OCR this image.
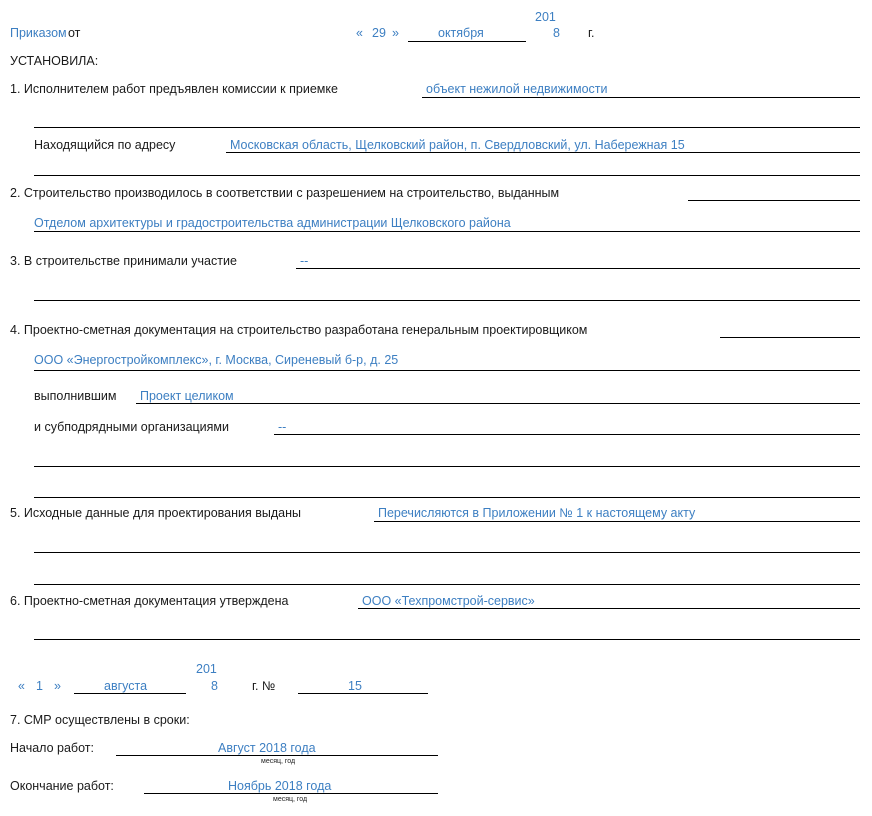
Приказом от	« 29 »	октября
201
8 г.
УСТАНОВИЛА:
1. Исполнителем работ предъявлен комиссии к приемке	объект нежилой недвижимости
Находящийся по адресу	Московская область, Щелковский район, п. Свердловский, ул. Набережная 15
2. Строительство производилось в соответствии с разрешением на строительство, выданным
Отделом архитектуры и градостроительства администрации Щелковского района
3. В строительстве принимали участие	--
4. Проектно-сметная документация на строительство разработана генеральным проектировщиком
ООО «Энергостройкомплекс», г. Москва, Сиреневый б-р, д. 25
выполнившим Проект целиком
и субподрядными организациями	--
5. Исходные данные для проектирования выданы	Перечисляются в Приложении № 1 к настоящему акту
6. Проектно-сметная документация утверждена	ООО «Техпромстрой-сервис»
« 1 »	августа
201
8	г. №	15
7. СМР осуществлены в сроки:
Начало работ:	Август 2018 года
месяц, год
Окончание работ:	Ноябрь 2018 года
месяц, год
